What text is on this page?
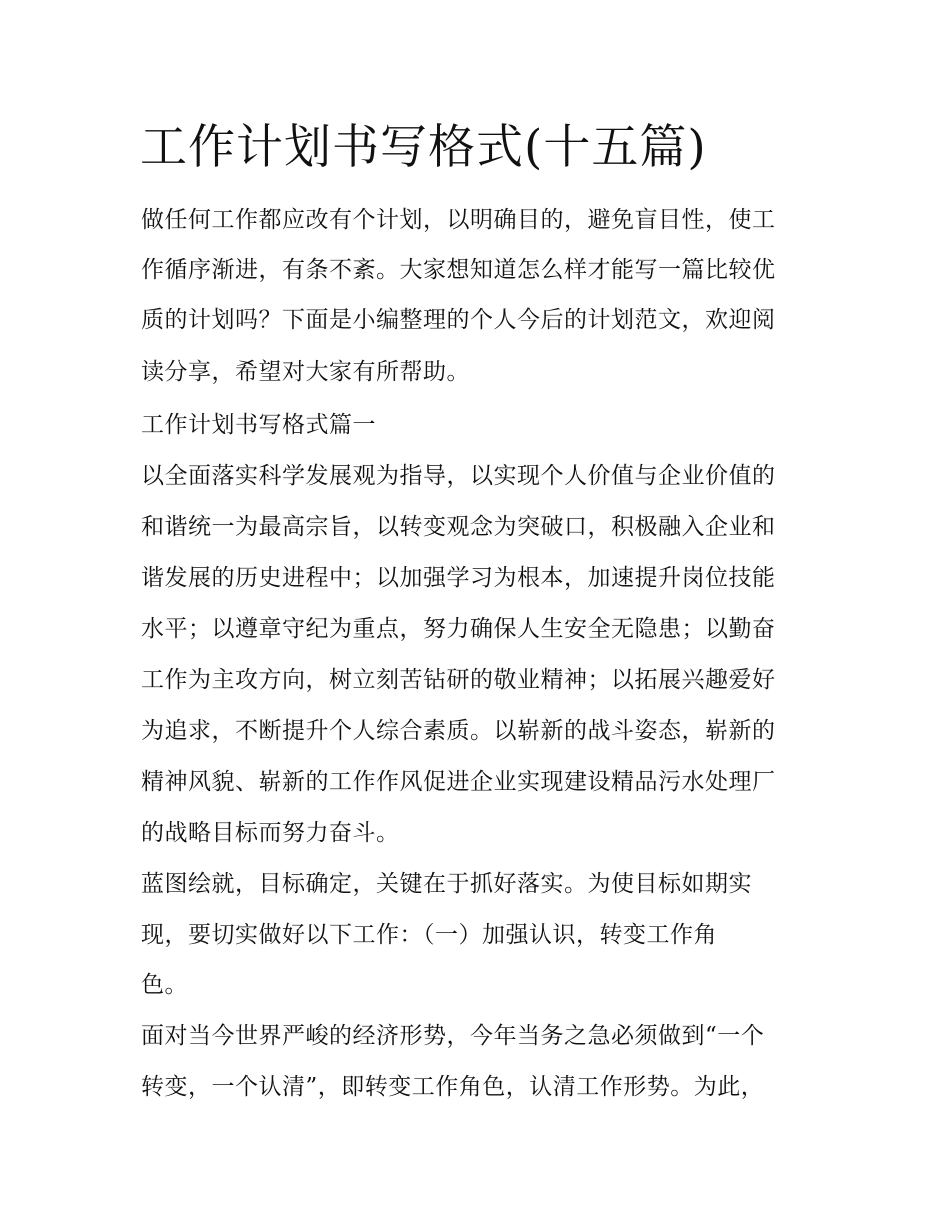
工作计划书写格式(十五篇)

做任何工作都应改有个计划，以明确目的，避免盲目性，使工

作循序渐进，有条不紊。大家想知道怎么样才能写一篇比较优

质的计划吗？下面是小编整理的个人今后的计划范文，欢迎阅

读分享，希望对大家有所帮助。

工作计划书写格式篇一

以全面落实科学发展观为指导，以实现个人价值与企业价值的

和谐统一为最高宗旨，以转变观念为突破口，积极融入企业和

谐发展的历史进程中；以加强学习为根本，加速提升岗位技能

水平；以遵章守纪为重点，努力确保人生安全无隐患；以勤奋

工作为主攻方向，树立刻苦钻研的敬业精神；以拓展兴趣爱好

为追求，不断提升个人综合素质。以崭新的战斗姿态，崭新的

精神风貌、崭新的工作作风促进企业实现建设精品污水处理厂

的战略目标而努力奋斗。

蓝图绘就，目标确定，关键在于抓好落实。为使目标如期实

现，要切实做好以下工作：（一）加强认识，转变工作角

色。

面对当今世界严峻的经济形势，今年当务之急必须做到“一个

转变，一个认清”，即转变工作角色，认清工作形势。为此，
